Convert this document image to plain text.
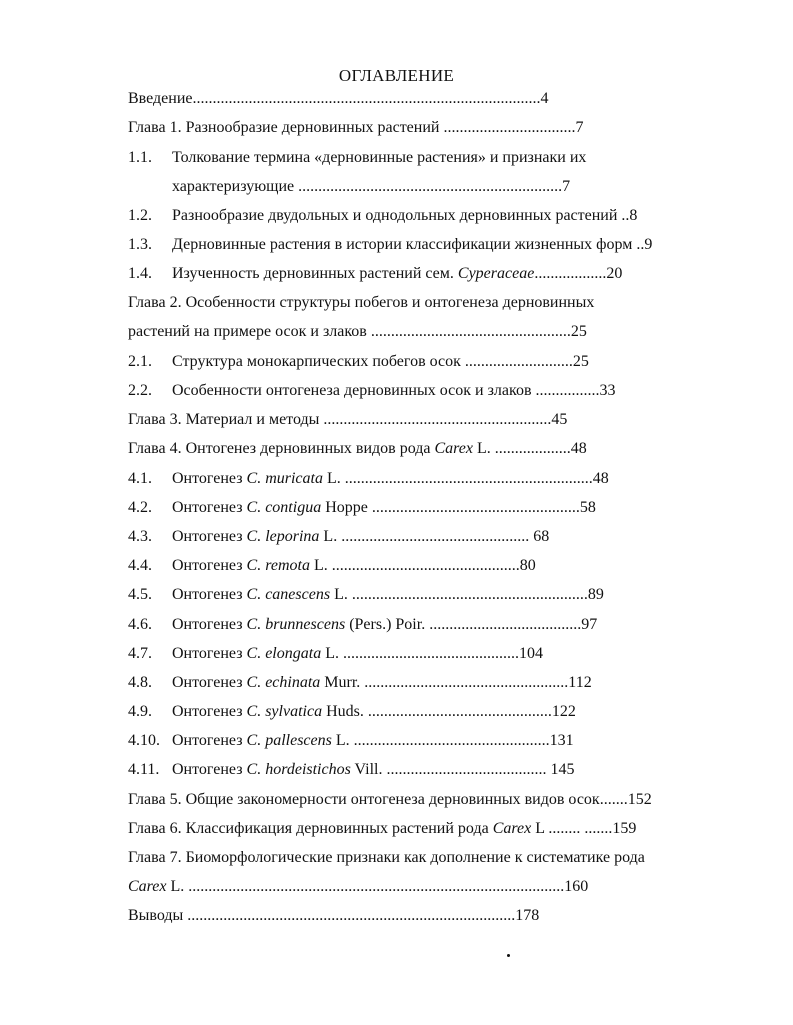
ОГЛАВЛЕНИЕ
Введение.......................................................................................4
Глава 1. Разнообразие дерновинных растений .................................7
1.1. Толкование термина «дерновинные растения» и признаки их
характеризующие ..................................................................7
1.2. Разнообразие двудольных и однодольных дерновинных растений ..8
1.3. Дерновинные растения в истории классификации жизненных форм ..9
1.4. Изученность дерновинных растений сем. Cyperaceae..................20
Глава 2. Особенности структуры побегов и онтогенеза дерновинных
растений на примере осок и злаков ..................................................25
2.1. Структура монокарпических побегов осок ...........................25
2.2. Особенности онтогенеза дерновинных осок и злаков ................33
Глава 3. Материал и методы .........................................................45
Глава 4. Онтогенез дерновинных видов рода Carex L. ...................48
4.1. Онтогенез C. muricata L. ..............................................................48
4.2. Онтогенез C. contigua Hoppe ....................................................58
4.3. Онтогенез C. leporina L. ............................................... 68
4.4. Онтогенез C. remota L. ...............................................80
4.5. Онтогенез C. canescens L. ...........................................................89
4.6. Онтогенез C. brunnescens (Pers.) Poir. ......................................97
4.7. Онтогенез C. elongata L. ............................................104
4.8. Онтогенез C. echinata Murr. ...................................................112
4.9. Онтогенез C. sylvatica Huds. ..............................................122
4.10. Онтогенез C. pallescens L. .................................................131
4.11. Онтогенез C. hordeistichos Vill. ........................................ 145
Глава 5. Общие закономерности онтогенеза дерновинных видов осок.......152
Глава 6. Классификация дерновинных растений рода Carex L ........ .......159
Глава 7. Биоморфологические признаки как дополнение к систематике рода
Carex L. ..............................................................................................160
Выводы ..................................................................................178
